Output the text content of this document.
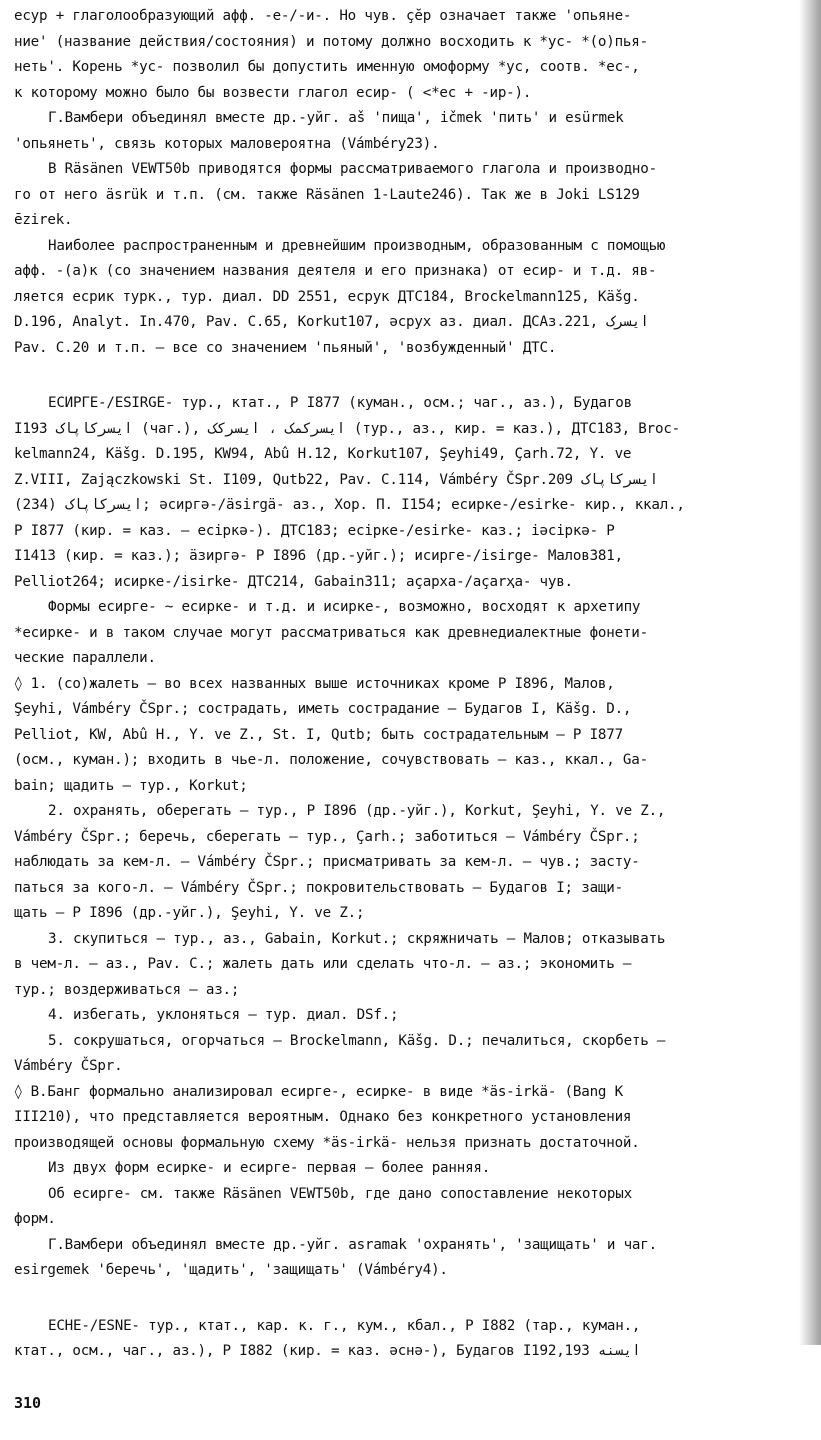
есур + глаголообразующий афф. -е-/-и-. Но чув. ҫӗр означает также 'опьяне-
ние' (название действия/состояния) и потому должно восходить к *ус- *(о)пья-
неть'. Корень *ус- позволил бы допустить именную омоформу *ус, соотв. *ес-,
к которому можно было бы возвести глагол есир- ( <*ес + -ир-).
Г.Вамбери объединял вместе др.-уйг. aš 'пища', ičmek 'пить' и esürmek
'опьянеть', связь которых маловероятна (Vámbéry23).
В Räsänen VEWT50b приводятся формы рассматриваемого глагола и производно-
го от него äsrük и т.п. (см. также Räsänen 1-Laute246). Так же в Joki LS129
ēzirek.
Наиболее распространенным и древнейшим производным, образованным с помощью
афф. -(а)к (со значением названия деятеля и его признака) от есир- и т.д. яв-
ляется есрик турк., тур. диал. DD 2551, есрук ДТС184, Brockelmann125, Käšg.
D.196, Analyt. In.470, Pav. C.65, Korkut107, әсрух аз. диал. ДСАз.221, ایسرک
Pav. C.20 и т.п. – все со значением 'пьяный', 'возбужденный' ДТС.
ЕСИРГЕ-/ESIRGE- тур., ктат., P I877 (куман., осм.; чаг., аз.), Будагов
I193 ایسرکاپاک (чаг.), ایسرکمک ، ایسرکک (тур., аз., кир. = каз.), ДТС183, Broc-
kelmann24, Käšg. D.195, KW94, Abû H.12, Korkut107, Şeyhi49, Çarh.72, Y. ve
Z.VIII, Zajączkowski St. I109, Qutb22, Pav. C.114, Vámbéry ČSpr.209 ایسرکاپاک
ایسرکاپاک (234); әсиргә-/äsirgä- аз., Хор. П. I154; есирке-/esirke- кир., ккал.,
P I877 (кир. = каз. – есіркә-). ДТС183; есірке-/esirke- каз.; іәсіркә- P
I1413 (кир. = каз.); äзиргә- P I896 (др.-уйг.); исирге-/isirge- Малов381,
Pelliot264; исирке-/isirke- ДТС214, Gabain311; аҫарха-/aҫarҳa- чув.
Формы есирге- ~ есирке- и т.д. и исирке-, возможно, восходят к архетипу
*есирке- и в таком случае могут рассматриваться как древнедиалектные фонети-
ческие параллели.
◊ 1. (со)жалеть – во всех названных выше источниках кроме P I896, Малов,
Şeyhi, Vámbéry ČSpr.; сострадать, иметь сострадание – Будагов I, Käšg. D.,
Pelliot, KW, Abû H., Y. ve Z., St. I, Qutb; быть сострадательным – P I877
(осм., куман.); входить в чье-л. положение, сочувствовать – каз., ккал., Ga-
bain; щадить – тур., Korkut;
2. охранять, оберегать – тур., P I896 (др.-уйг.), Korkut, Şeyhi, Y. ve Z.,
Vámbéry ČSpr.; беречь, сберегать – тур., Çarh.; заботиться – Vámbéry ČSpr.;
наблюдать за кем-л. – Vámbéry ČSpr.; присматривать за кем-л. – чув.; засту-
паться за кого-л. – Vámbéry ČSpr.; покровительствовать – Будагов I; защи-
щать – P I896 (др.-уйг.), Şeyhi, Y. ve Z.;
3. скупиться – тур., аз., Gabain, Korkut.; скряжничать – Малов; отказывать
в чем-л. – аз., Pav. C.; жалеть дать или сделать что-л. – аз.; экономить –
тур.; воздерживаться – аз.;
4. избегать, уклоняться – тур. диал. DSf.;
5. сокрушаться, огорчаться – Brockelmann, Käšg. D.; печалиться, скорбеть –
Vámbéry ČSpr.
◊ В.Банг формально анализировал есирге-, есирке- в виде *äs-irkä- (Bang K
III210), что представляется вероятным. Однако без конкретного установления
производящей основы формальную схему *äs-irkä- нельзя признать достаточной.
Из двух форм есирке- и есирге- первая – более ранняя.
Об есирге- см. также Räsänen VEWT50b, где дано сопоставление некоторых
форм.
Г.Вамбери объединял вместе др.-уйг. asramak 'охранять', 'защищать' и чаг.
esirgemek 'беречь', 'щадить', 'защищать' (Vámbéry4).
ЕСНЕ-/ESNE- тур., ктат., кар. к. г., кум., кбал., P I882 (тар., куман.,
ктат., осм., чаг., аз.), P I882 (кир. = каз. әснә-), Будагов I192,193 ایسنه
310
